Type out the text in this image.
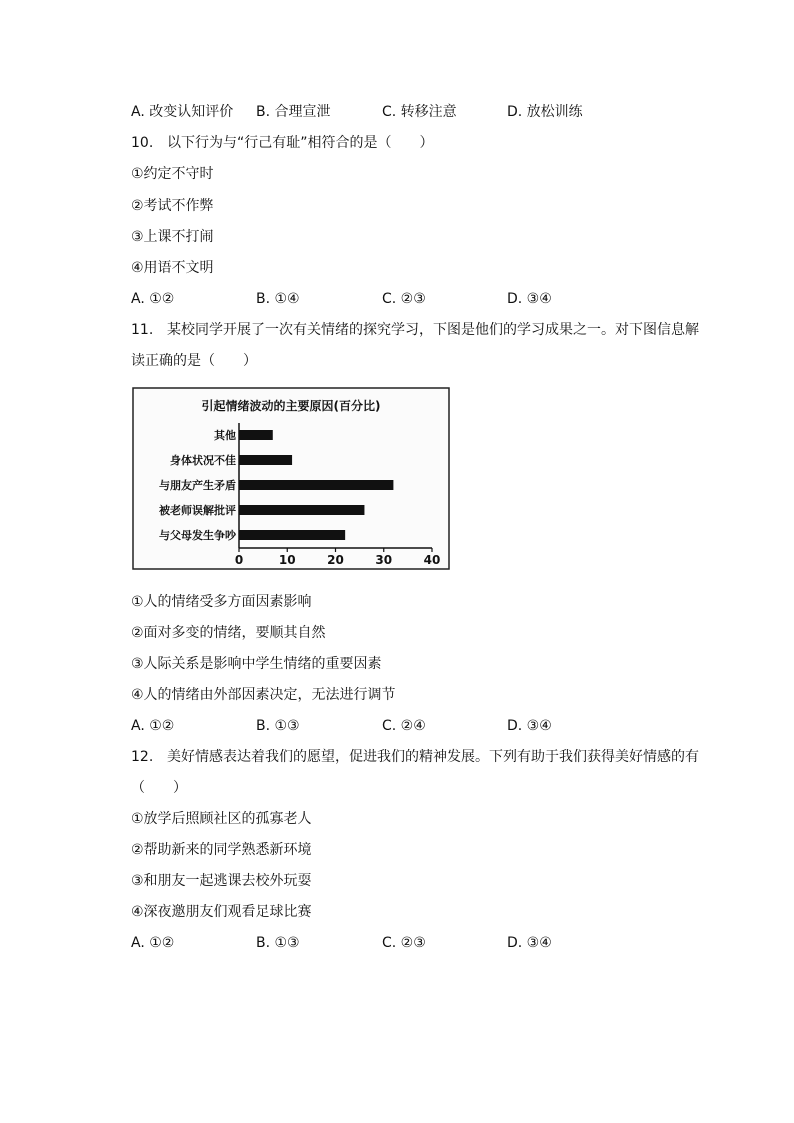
A. 改变认知评价 B. 合理宣泄	C. 转移注意	D. 放松训练
10. 以下行为与“行己有耻”相符合的是（　　）
①约定不守时
②考试不作弊
③上课不打闹
④用语不文明
A. ①②	B. ①④	C. ②③	D. ③④
11. 某校同学开展了一次有关情绪的探究学习，下图是他们的学习成果之一。对下图信息解
读正确的是（　　）
引起情绪波动的主要原因(百分比)
其他
身体状况不佳
与朋友产生矛盾
被老师误解批评
与父母发生争吵
0	10	20	30	40
①人的情绪受多方面因素影响
②面对多变的情绪，要顺其自然
③人际关系是影响中学生情绪的重要因素
④人的情绪由外部因素决定，无法进行调节
A. ①②	B. ①③	C. ②④	D. ③④
12. 美好情感表达着我们的愿望，促进我们的精神发展。下列有助于我们获得美好情感的有
（　　）
①放学后照顾社区的孤寡老人
②帮助新来的同学熟悉新环境
③和朋友一起逃课去校外玩耍
④深夜邀朋友们观看足球比赛
A. ①②	B. ①③	C. ②③	D. ③④
